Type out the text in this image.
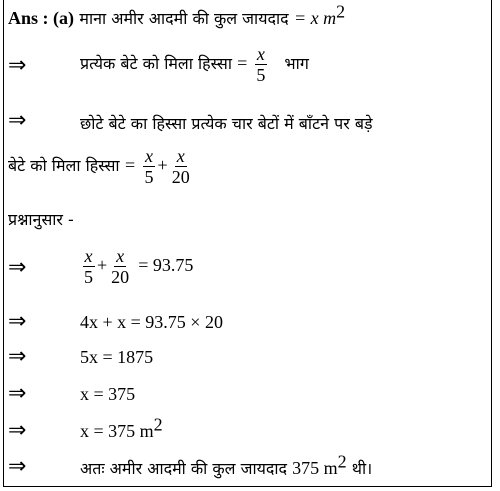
Ans : (a) माना अमीर आदमी की कुल जायदाद = x $m^2$
⇒	प्रत्येक बेटे को मिला हिस्सा = $\frac{x}{5}$ भाग
⇒	छोटे बेटे का हिस्सा प्रत्येक चार बेटों में बाँटने पर बड़े
बेटे को मिला हिस्सा = $\frac{x}{5} + \frac{x}{20}$
प्रश्नानुसार -
⇒	$\frac{x}{5} + \frac{x}{20} = 93.75$
⇒	4x + x = 93.75 × 20
⇒	5x = 1875
⇒	x = 375
⇒	x = 375 $m^2$
⇒	अतः अमीर आदमी की कुल जायदाद 375 $m^2$ थी।
